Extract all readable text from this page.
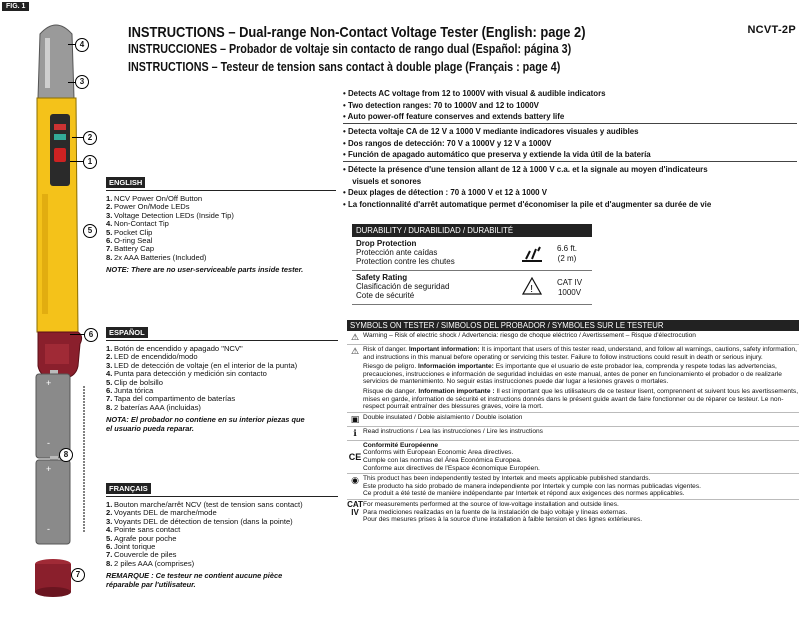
FIG. 1
NCVT-2P
INSTRUCTIONS – Dual-range Non-Contact Voltage Tester (English: page 2)
INSTRUCCIONES – Probador de voltaje sin contacto de rango dual (Español: página 3)
INSTRUCTIONS – Testeur de tension sans contact à double plage (Français : page 4)
• Detects AC voltage from 12 to 1000V with visual & audible indicators
• Two detection ranges: 70 to 1000V and 12 to 1000V
• Auto power-off feature conserves and extends battery life
• Detecta voltaje CA de 12 V a 1000 V mediante indicadores visuales y audibles
• Dos rangos de detección: 70 V a 1000V y 12 V a 1000V
• Función de apagado automático que preserva y extiende la vida útil de la batería
• Détecte la présence d'une tension allant de 12 à 1000 V c.a. et la signale au moyen d'indicateurs
visuels et sonores
• Deux plages de détection : 70 à 1000 V et 12 à 1000 V
• La fonctionnalité d'arrêt automatique permet d'économiser la pile et d'augmenter sa durée de vie
+
-
+
-
4
3
2
1
5
6
8
7
ENGLISH
1. NCV Power On/Off Button
2. Power On/Mode LEDs
3. Voltage Detection LEDs (Inside Tip)
4. Non-Contact Tip
5. Pocket Clip
6. O-ring Seal
7. Battery Cap
8. 2x AAA Batteries (Included)
NOTE: There are no user-serviceable parts inside tester.
ESPAÑOL
1. Botón de encendido y apagado "NCV"
2. LED de encendido/modo
3. LED de detección de voltaje (en el interior de la punta)
4. Punta para detección y medición sin contacto
5. Clip de bolsillo
6. Junta tórica
7. Tapa del compartimento de baterías
8. 2 baterías AAA (incluidas)
NOTA: El probador no contiene en su interior piezas que
el usuario pueda reparar.
FRANÇAIS
1. Bouton marche/arrêt NCV (test de tension sans contact)
2. Voyants DEL de marche/mode
3. Voyants DEL de détection de tension (dans la pointe)
4. Pointe sans contact
5. Agrafe pour poche
6. Joint torique
7. Couvercle de piles
8. 2 piles AAA (comprises)
REMARQUE : Ce testeur ne contient aucune pièce
réparable par l'utilisateur.
DURABILITY / DURABILIDAD / DURABILITÉ
Drop Protection
Protección ante caídas
Protection contre les chutes
6.6 ft.
(2 m)
Safety Rating
Clasificación de seguridad
Cote de sécurité
!
CAT IV
1000V
SYMBOLS ON TESTER / SIMBOLOS DEL PROBADOR / SYMBOLES SUR LE TESTEUR
⚠ Warning – Risk of electric shock / Advertencia: riesgo de choque eléctrico / Avertissement – Risque d'électrocution
⚠ Risk of danger. Important information: It is important that users of this tester read, understand, and follow all warnings, cautions, safety information, and instructions in this manual before operating or servicing this tester. Failure to follow instructions could result in death or serious injury.
Riesgo de peligro. Información importante: Es importante que el usuario de este probador lea, comprenda y respete todas las advertencias, precauciones, instrucciones e información de seguridad incluidas en este manual, antes de poner en funcionamiento el probador o de realizarle servicios de mantenimiento. No seguir estas instrucciones puede dar lugar a lesiones graves o mortales.
Risque de danger. Information importante : Il est important que les utilisateurs de ce testeur lisent, comprennent et suivent tous les avertissements, mises en garde, information de sécurité et instructions donnés dans le présent guide avant de faire fonctionner ou de réparer ce testeur. Le non-respect pourrait entraîner des blessures graves, voire la mort.
▣ Double insulated / Doble aislamiento / Double isolation
ℹ Read instructions / Lea las instrucciones / Lire les instructions
CE
Conformité Européenne
Conforms with European Economic Area directives.
Cumple con las normas del Área Económica Europea.
Conforme aux directives de l'Espace économique Européen.
◉ This product has been independently tested by Intertek and meets applicable published standards.
Este producto ha sido probado de manera independiente por Intertek y cumple con las normas publicadas vigentes.
Ce produit a été testé de manière indépendante par Intertek et répond aux exigences des normes applicables.
CAT
IV
For measurements performed at the source of low-voltage installation and outside lines.
Para mediciones realizadas en la fuente de la instalación de bajo voltaje y líneas externas.
Pour des mesures prises à la source d'une installation à faible tension et des lignes extérieures.
